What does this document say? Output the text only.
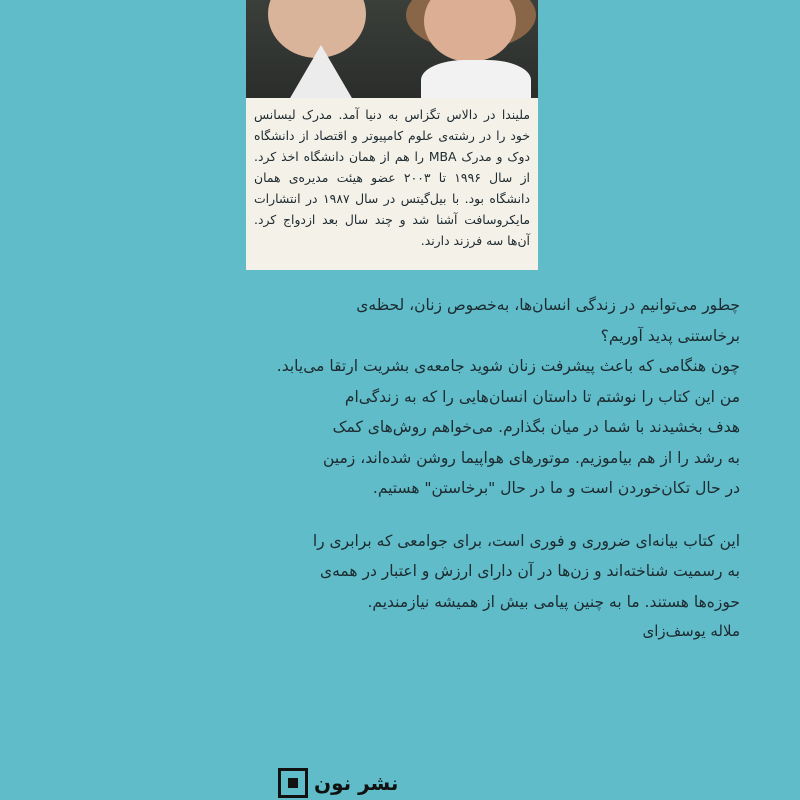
ملیندا در دالاس تگزاس به دنیا آمد. مدرک لیسانس خود را در رشته‌ی علوم کامپیوتر و اقتصاد از دانشگاه دوک و مدرک MBA را هم از همان دانشگاه اخذ کرد. از سال ۱۹۹۶ تا ۲۰۰۳ عضو هیئت مدیره‌ی همان دانشگاه بود. با بیل‌گیتس در سال ۱۹۸۷ در انتشارات مایکروسافت آشنا شد و چند سال بعد ازدواج کرد. آن‌ها سه فرزند دارند.

چطور می‌توانیم در زندگی انسان‌ها، به‌خصوص زنان، لحظه‌ی
برخاستنی پدید آوریم؟
چون هنگامی که باعث پیشرفت زنان شوید جامعه‌ی بشریت ارتقا می‌یابد.
من این کتاب را نوشتم تا داستان انسان‌هایی را که به زندگی‌ام
هدف بخشیدند با شما در میان بگذارم. می‌خواهم روش‌های کمک
به رشد را از هم بیاموزیم. موتورهای هواپیما روشن شده‌اند، زمین
در حال تکان‌خوردن است و ما در حال "برخاستن" هستیم.

این کتاب بیانه‌ای ضروری و فوری است، برای جوامعی که برابری را
به رسمیت شناخته‌اند و زن‌ها در آن دارای ارزش و اعتبار در همه‌ی
حوزه‌ها هستند. ما به چنین پیامی بیش از همیشه نیازمندیم.

ملاله یوسف‌زای
نشر نون
